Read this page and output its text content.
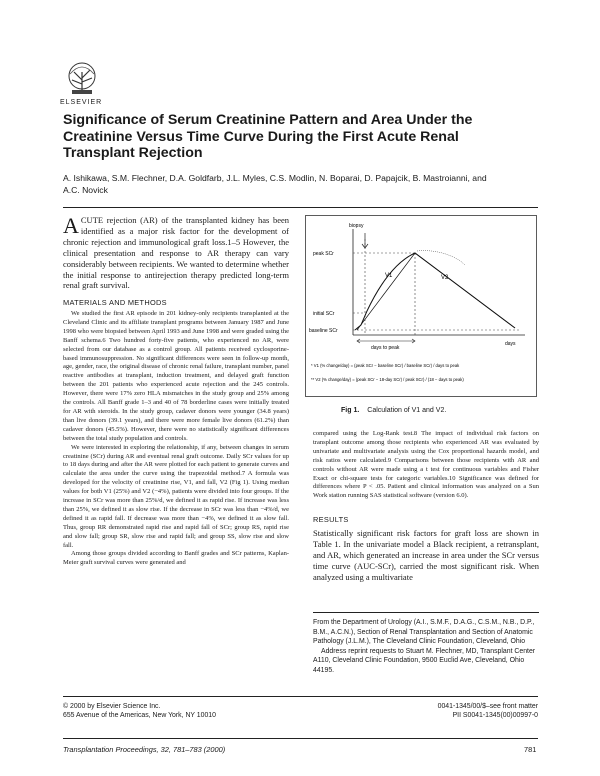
ELSEVIER
Significance of Serum Creatinine Pattern and Area Under the Creatinine Versus Time Curve During the First Acute Renal Transplant Rejection
A. Ishikawa, S.M. Flechner, D.A. Goldfarb, J.L. Myles, C.S. Modlin, N. Boparai, D. Papajcik, B. Mastroianni, and A.C. Novick
ACUTE rejection (AR) of the transplanted kidney has been identified as a major risk factor for the development of chronic rejection and immunological graft loss.1–5 However, the clinical presentation and response to AR therapy can vary considerably between recipients. We wanted to determine whether the initial response to antirejection therapy predicted long-term renal graft survival.
MATERIALS AND METHODS

We studied the first AR episode in 201 kidney-only recipients transplanted at the Cleveland Clinic and its affiliate transplant programs between January 1987 and June 1998 who were biopsied between April 1993 and June 1998 and were graded using the Banff schema.6 Two hundred forty-five patients, who experienced no AR, were selected from our database as a control group. All patients received cyclosporine-based immunosuppression. No significant differences were seen in follow-up month, age, gender, race, the original disease of chronic renal failure, transplant number, panel reactive antibodies at transplant, induction treatment, and delayed graft function between the 201 patients who experienced acute rejection and the 245 controls. However, there were 17% zero HLA mismatches in the study group and 25% among the controls. All Banff grade 1–3 and 40 of 78 borderline cases were initially treated for AR with steroids. In the study group, cadaver donors were younger (34.8 years) than live donors (39.1 years), and there were more female live donors (61.2%) than cadaver donors (45.5%). However, there were no statistically significant differences between the total study population and controls.

We were interested in exploring the relationship, if any, between changes in serum creatinine (SCr) during AR and eventual renal graft outcome. Daily SCr values for up to 18 days during and after the AR were plotted for each patient to generate curves and calculate the area under the curve using the trapezoidal method.7 A formula was developed for the velocity of creatinine rise, V1, and fall, V2 (Fig 1). Using median values for both V1 (25%) and V2 (−4%), patients were divided into four groups. If the increase in SCr was more than 25%/d, we defined it as rapid rise. If increase was less than 25%, we defined it as slow rise. If the decrease in SCr was less than −4%/d, we defined it as rapid fall. If decrease was more than −4%, we defined it as slow fall. Thus, group RR demonstrated rapid rise and rapid fall of SCr; group RS, rapid rise and slow fall; group SR, slow rise and rapid fall; and group SS, slow rise and slow fall.

Among those groups divided according to Banff grades and SCr patterns, Kaplan-Meier graft survival curves were generated and

biopsy
peak SCr
initial SCr
baseline SCr
V1	V2
days to peak
days
* V1 (% change/day) = (peak SCr − baseline SCr) / baseline SCr) / days to peak
** V2 (% change/day) = (peak SCr − 18-day SCr) / peak SCr) / (18 − days to peak)
Fig 1. Calculation of V1 and V2.

compared using the Log-Rank test.8 The impact of individual risk factors on transplant outcome among those recipients who experienced AR was evaluated by univariate and multivariate analysis using the Cox proportional hazards model, and risk ratios were calculated.9 Comparisons between those recipients with AR and controls without AR were made using a t test for continuous variables and Fisher Exact or chi-square tests for categoric variables.10 Significance was defined for differences where P < .05. Patient and clinical information was analyzed on a Sun Work station running SAS statistical software (version 6.0).

RESULTS
Statistically significant risk factors for graft loss are shown in Table 1. In the univariate model a Black recipient, a retransplant, and AR, which generated an increase in area under the SCr versus time curve (AUC-SCr), carried the most significant risk. When analyzed using a multivariate
From the Department of Urology (A.I., S.M.F., D.A.G., C.S.M., N.B., D.P., B.M., A.C.N.), Section of Renal Transplantation and Section of Anatomic Pathology (J.L.M.), The Cleveland Clinic Foundation, Cleveland, Ohio
Address reprint requests to Stuart M. Flechner, MD, Transplant Center A110, Cleveland Clinic Foundation, 9500 Euclid Ave, Cleveland, Ohio 44195.
© 2000 by Elsevier Science Inc.
655 Avenue of the Americas, New York, NY 10010
0041-1345/00/$–see front matter
PII S0041-1345(00)00997-0
Transplantation Proceedings, 32, 781–783 (2000)	781
